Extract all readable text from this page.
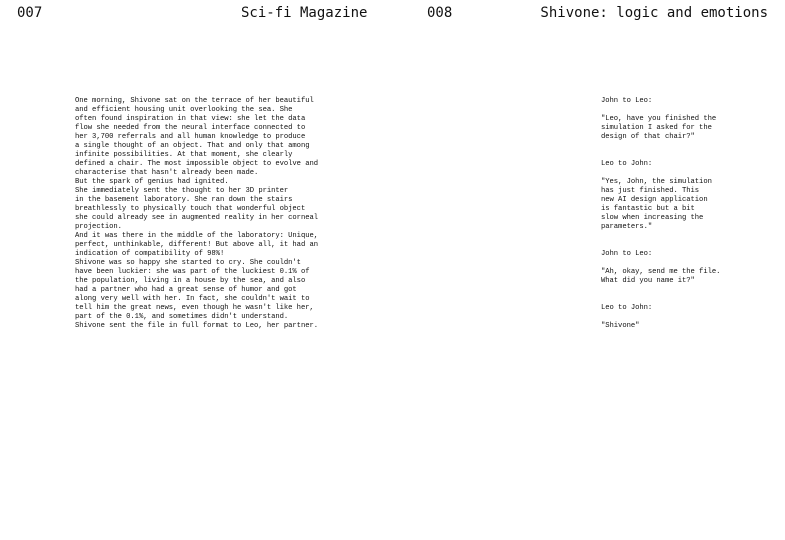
007	Sci-fi Magazine	008	Shivone: logic and emotions
One morning, Shivone sat on the terrace of her beautiful
and efficient housing unit overlooking the sea. She
often found inspiration in that view: she let the data
flow she needed from the neural interface connected to
her 3,700 referrals and all human knowledge to produce
a single thought of an object. That and only that among
infinite possibilities. At that moment, she clearly
defined a chair. The most impossible object to evolve and
characterise that hasn't already been made.
But the spark of genius had ignited.
She immediately sent the thought to her 3D printer
in the basement laboratory. She ran down the stairs
breathlessly to physically touch that wonderful object
she could already see in augmented reality in her corneal
projection.
And it was there in the middle of the laboratory: Unique,
perfect, unthinkable, different! But above all, it had an
indication of compatibility of 98%!
Shivone was so happy she started to cry. She couldn't
have been luckier: she was part of the luckiest 0.1% of
the population, living in a house by the sea, and also
had a partner who had a great sense of humor and got
along very well with her. In fact, she couldn't wait to
tell him the great news, even though he wasn't like her,
part of the 0.1%, and sometimes didn't understand.
Shivone sent the file in full format to Leo, her partner.
John to Leo:
"Leo, have you finished the
simulation I asked for the
design of that chair?"
Leo to John:
"Yes, John, the simulation
has just finished. This
new AI design application
is fantastic but a bit
slow when increasing the
parameters."
John to Leo:
"Ah, okay, send me the file.
What did you name it?"
Leo to John:
"Shivone"
